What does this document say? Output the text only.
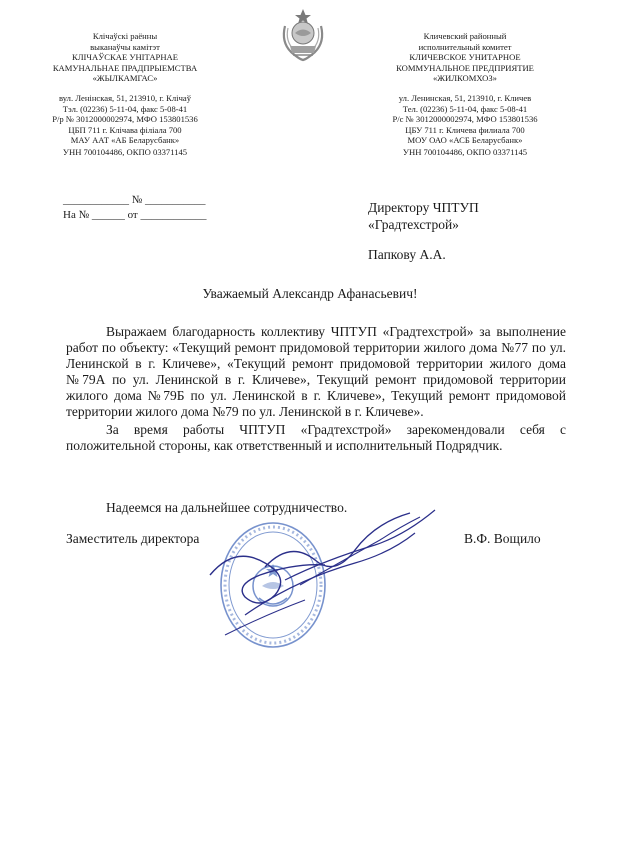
Клічаўскі раённы
выканаўчы камітэт
КЛІЧАЎСКАЕ УНІТАРНАЕ
КАМУНАЛЬНАЕ ПРАДПРЫЕМСТВА
«ЖЫЛКАМГАС»
вул. Ленінская, 51, 213910, г. Клічаў
Тэл. (02236) 5-11-04, факс 5-08-41
Р/р № 3012000002974, МФО 153801536
ЦБП 711 г. Клічава філіала 700
МАУ ААТ «АБ Беларусбанк»
УНН 700104486, ОКПО 03371145
Кличевский районный
исполнительный комитет
КЛИЧЕВСКОЕ УНИТАРНОЕ
КОММУНАЛЬНОЕ ПРЕДПРИЯТИЕ
«ЖИЛКОМХОЗ»
ул. Ленинская, 51, 213910, г. Кличев
Тел. (02236) 5-11-04, факс 5-08-41
Р/с № 3012000002974, МФО 153801536
ЦБУ 711 г. Кличева филиала 700
МОУ ОАО «АСБ Беларусбанк»
УНН 700104486, ОКПО 03371145
____________ № ___________
На № ______ от ____________	Директору ЧПТУП
«Градтехстрой»
Папкову А.А.
Уважаемый Александр Афанасьевич!

Выражаем благодарность коллективу ЧПТУП «Градтехстрой» за выполнение работ по объекту: «Текущий ремонт придомовой территории жилого дома №77 по ул. Ленинской в г. Кличеве», «Текущий ремонт придомовой территории жилого дома №79А по ул. Ленинской в г. Кличеве», Текущий ремонт придомовой территории жилого дома №79Б по ул. Ленинской в г. Кличеве», Текущий ремонт придомовой территории жилого дома №79 по ул. Ленинской в г. Кличеве».

За время работы ЧПТУП «Градтехстрой» зарекомендовали себя с положительной стороны, как ответственный и исполнительный Подрядчик.

Надеемся на дальнейшее сотрудничество.
Заместитель директора	В.Ф. Вощило
